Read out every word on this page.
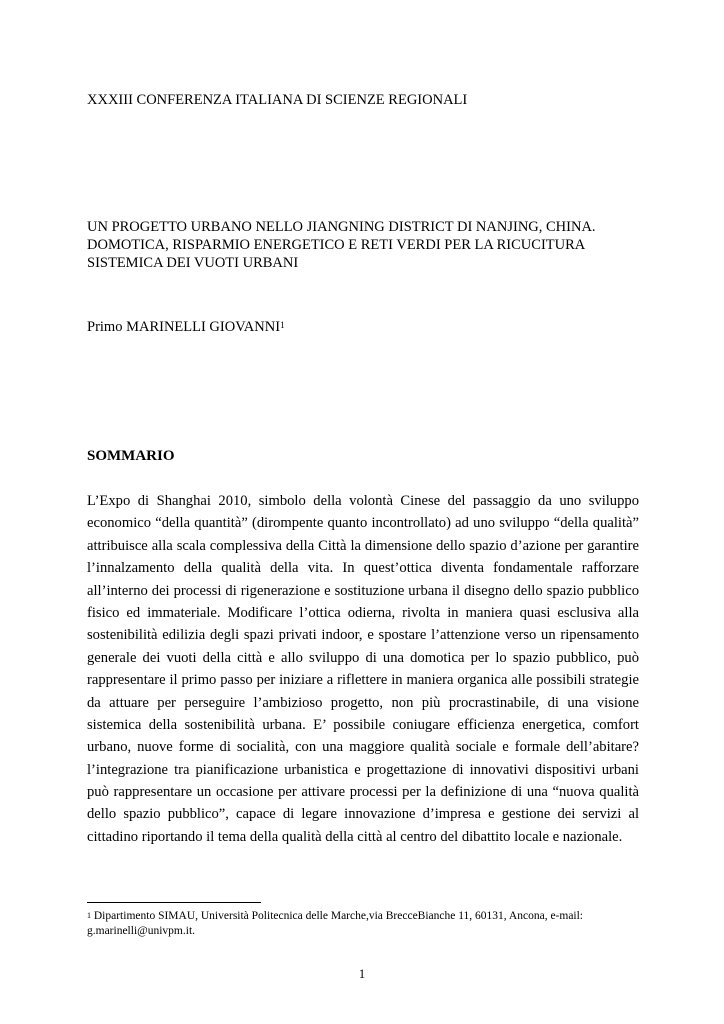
XXXIII CONFERENZA ITALIANA DI SCIENZE REGIONALI
UN PROGETTO URBANO NELLO JIANGNING DISTRICT DI NANJING, CHINA.
DOMOTICA, RISPARMIO ENERGETICO E RETI VERDI PER LA RICUCITURA
SISTEMICA DEI VUOTI URBANI
Primo MARINELLI GIOVANNI$^1$
SOMMARIO
L’Expo di Shanghai 2010, simbolo della volontà Cinese del passaggio da uno sviluppo
economico “della quantità” (dirompente quanto incontrollato) ad uno sviluppo “della qualità”
attribuisce alla scala complessiva della Città la dimensione dello spazio d’azione per garantire
l’innalzamento della qualità della vita. In quest’ottica diventa fondamentale rafforzare
all’interno dei processi di rigenerazione e sostituzione urbana il disegno dello spazio pubblico
fisico ed immateriale. Modificare l’ottica odierna, rivolta in maniera quasi esclusiva alla
sostenibilità edilizia degli spazi privati indoor, e spostare l’attenzione verso un ripensamento
generale dei vuoti della città e allo sviluppo di una domotica per lo spazio pubblico, può
rappresentare il primo passo per iniziare a riflettere in maniera organica alle possibili strategie
da attuare per perseguire l’ambizioso progetto, non più procrastinabile, di una visione
sistemica della sostenibilità urbana. E’ possibile coniugare efficienza energetica, comfort
urbano, nuove forme di socialità, con una maggiore qualità sociale e formale dell’abitare?
l’integrazione tra pianificazione urbanistica e progettazione di innovativi dispositivi urbani
può rappresentare un occasione per attivare processi per la definizione di una “nuova qualità
dello spazio pubblico”, capace di legare innovazione d’impresa e gestione dei servizi al
cittadino riportando il tema della qualità della città al centro del dibattito locale e nazionale.
$^1$ Dipartimento SIMAU, Università Politecnica delle Marche,via BrecceBianche 11, 60131, Ancona, e-mail:
g.marinelli@univpm.it.
1
